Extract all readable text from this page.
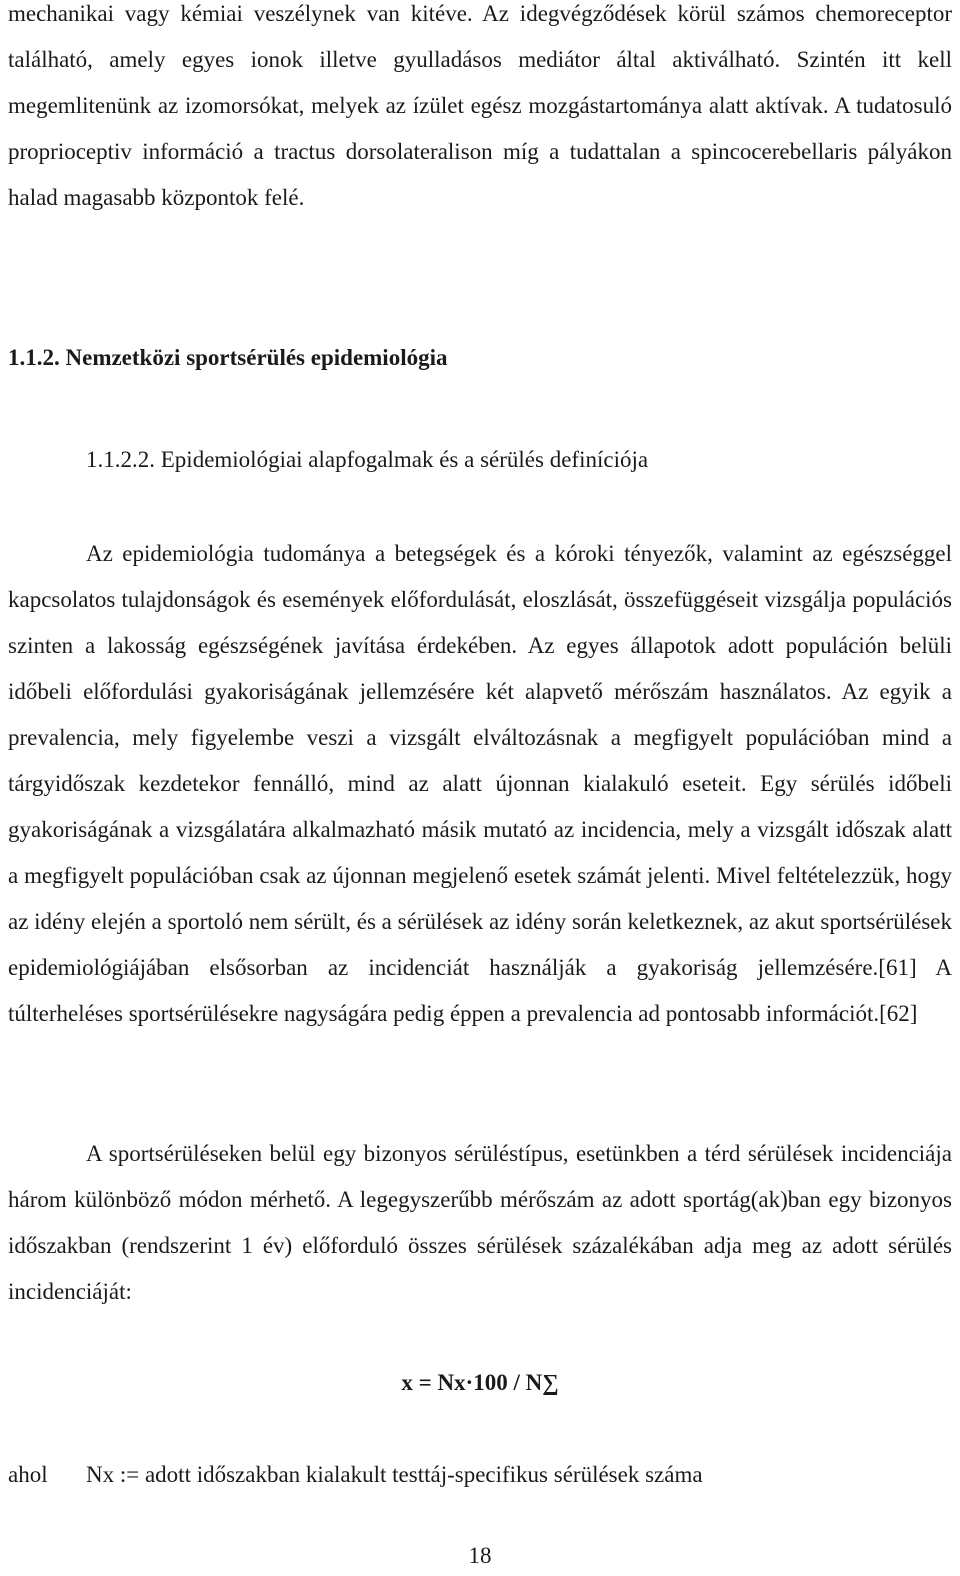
mechanikai vagy kémiai veszélynek van kitéve. Az idegvégződések körül számos chemoreceptor található, amely egyes ionok illetve gyulladásos mediátor által aktiválható. Szintén itt kell megemlitenünk az izomorsókat, melyek az ízület egész mozgástartománya alatt aktívak. A tudatosuló proprioceptiv információ a tractus dorsolateralison míg a tudattalan a spincocerebellaris pályákon halad magasabb központok felé.

1.1.2. Nemzetközi sportsérülés epidemiológia
1.1.2.2. Epidemiológiai alapfogalmak és a sérülés definíciója

Az epidemiológia tudománya a betegségek és a kóroki tényezők, valamint az egészséggel kapcsolatos tulajdonságok és események előfordulását, eloszlását, összefüggéseit vizsgálja populációs szinten a lakosság egészségének javítása érdekében. Az egyes állapotok adott populáción belüli időbeli előfordulási gyakoriságának jellemzésére két alapvető mérőszám használatos. Az egyik a prevalencia, mely figyelembe veszi a vizsgált elváltozásnak a megfigyelt populációban mind a tárgyidőszak kezdetekor fennálló, mind az alatt újonnan kialakuló eseteit. Egy sérülés időbeli gyakoriságának a vizsgálatára alkalmazható másik mutató az incidencia, mely a vizsgált időszak alatt a megfigyelt populációban csak az újonnan megjelenő esetek számát jelenti. Mivel feltételezzük, hogy az idény elején a sportoló nem sérült, és a sérülések az idény során keletkeznek, az akut sportsérülések epidemiológiájában elsősorban az incidenciát használják a gyakoriság jellemzésére.[61] A túlterheléses sportsérülésekre nagyságára pedig éppen a prevalencia ad pontosabb információt.[62]

A sportsérüléseken belül egy bizonyos sérüléstípus, esetünkben a térd sérülések incidenciája három különböző módon mérhető. A legegyszerűbb mérőszám az adott sportág(ak)ban egy bizonyos időszakban (rendszerint 1 év) előforduló összes sérülések százalékában adja meg az adott sérülés incidenciáját:

x = Nx·100 / N∑

ahol Nx := adott időszakban kialakult testtáj-specifikus sérülések száma

18
